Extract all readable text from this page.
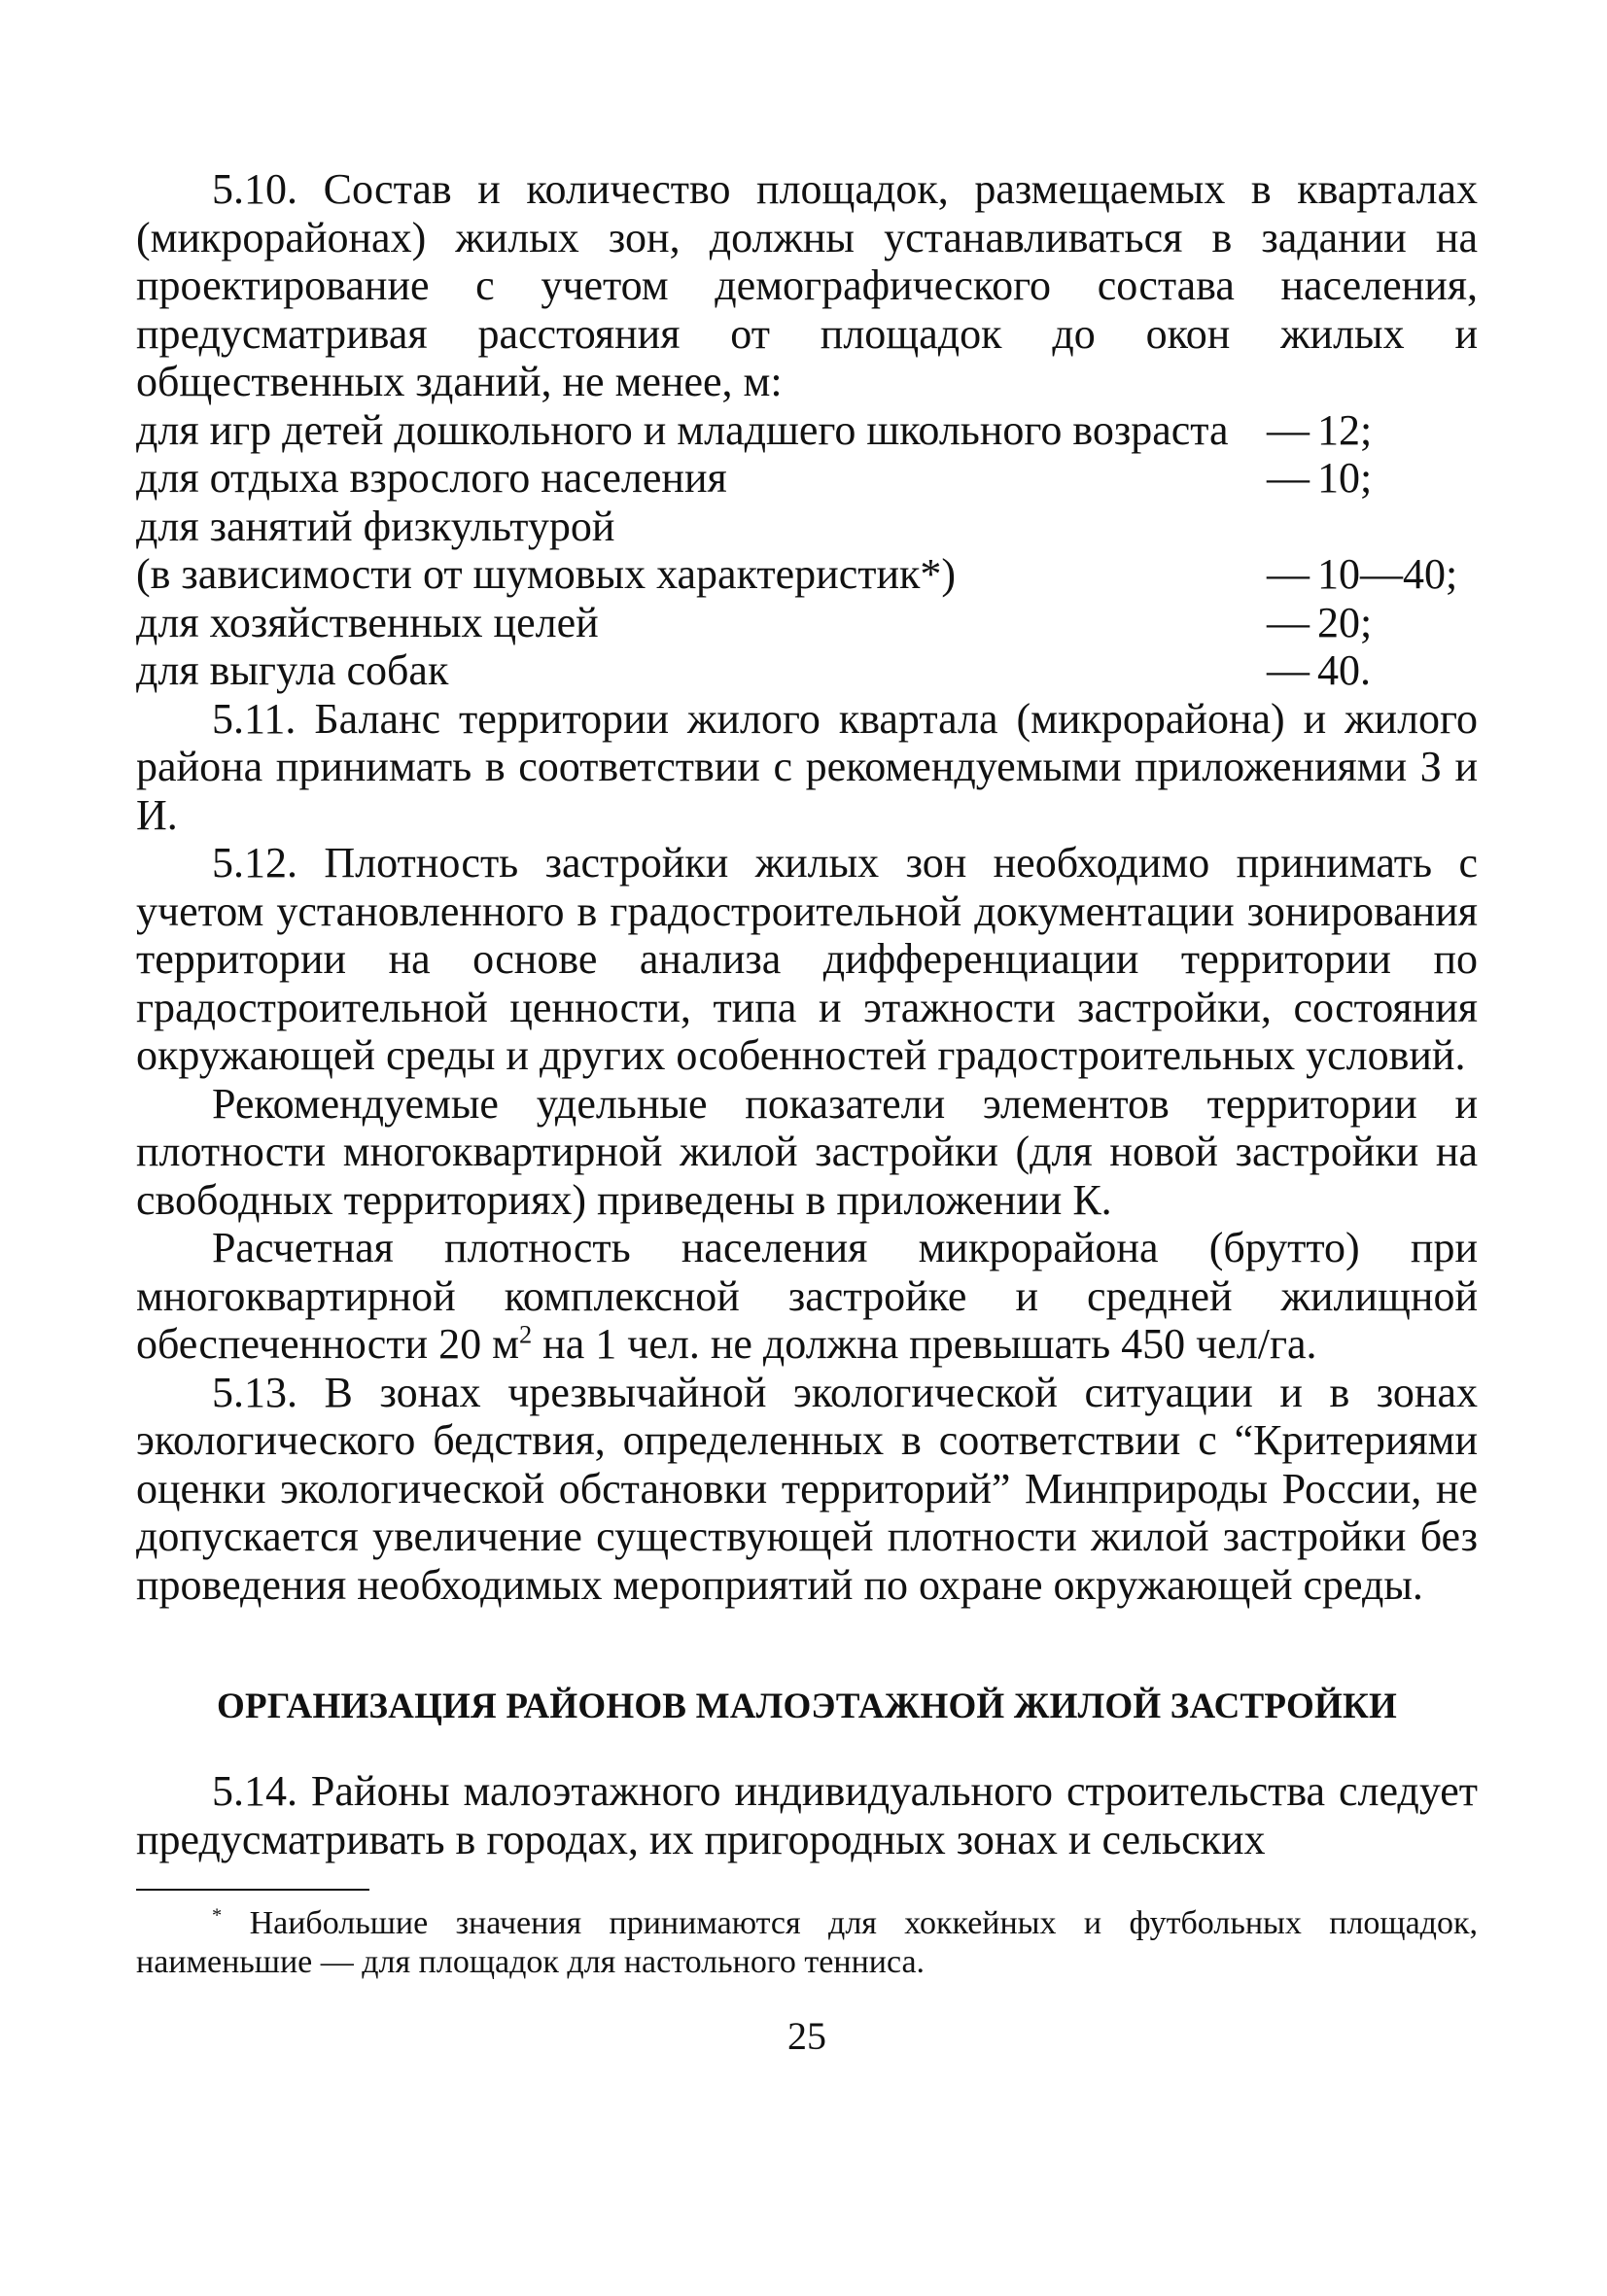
5.10. Состав и количество площадок, размещаемых в кварталах (микрорайонах) жилых зон, должны устанавливаться в задании на проектирование с учетом демографического состава населения, предусматривая расстояния от площадок до окон жилых и общественных зданий, не менее, м:

для игр детей дошкольного и младшего школьного возраста — 12;
для отдыха взрослого населения	— 10;
для занятий физкультурой
(в зависимости от шумовых характеристик*)	— 10—40;
для хозяйственных целей	— 20;
для выгула собак	— 40.

5.11. Баланс территории жилого квартала (микрорайона) и жилого района принимать в соответствии с рекомендуемыми приложениями З и И.

5.12. Плотность застройки жилых зон необходимо принимать с учетом установленного в градостроительной документации зонирования территории на основе анализа дифференциации территории по градостроительной ценности, типа и этажности застройки, состояния окружающей среды и других особенностей градостроительных условий.

Рекомендуемые удельные показатели элементов территории и плотности многоквартирной жилой застройки (для новой застройки на свободных территориях) приведены в приложении К.

Расчетная плотность населения микрорайона (брутто) при многоквартирной комплексной застройке и средней жилищной обеспеченности 20 $м^2$ на 1 чел. не должна превышать 450 чел/га.

5.13. В зонах чрезвычайной экологической ситуации и в зонах экологического бедствия, определенных в соответствии с “Критериями оценки экологической обстановки территорий” Минприроды России, не допускается увеличение существующей плотности жилой застройки без проведения необходимых мероприятий по охране окружающей среды.

ОРГАНИЗАЦИЯ РАЙОНОВ МАЛОЭТАЖНОЙ ЖИЛОЙ ЗАСТРОЙКИ

5.14. Районы малоэтажного индивидуального строительства следует предусматривать в городах, их пригородных зонах и сельских

* Наибольшие значения принимаются для хоккейных и футбольных площадок, наименьшие — для площадок для настольного тенниса.

25
